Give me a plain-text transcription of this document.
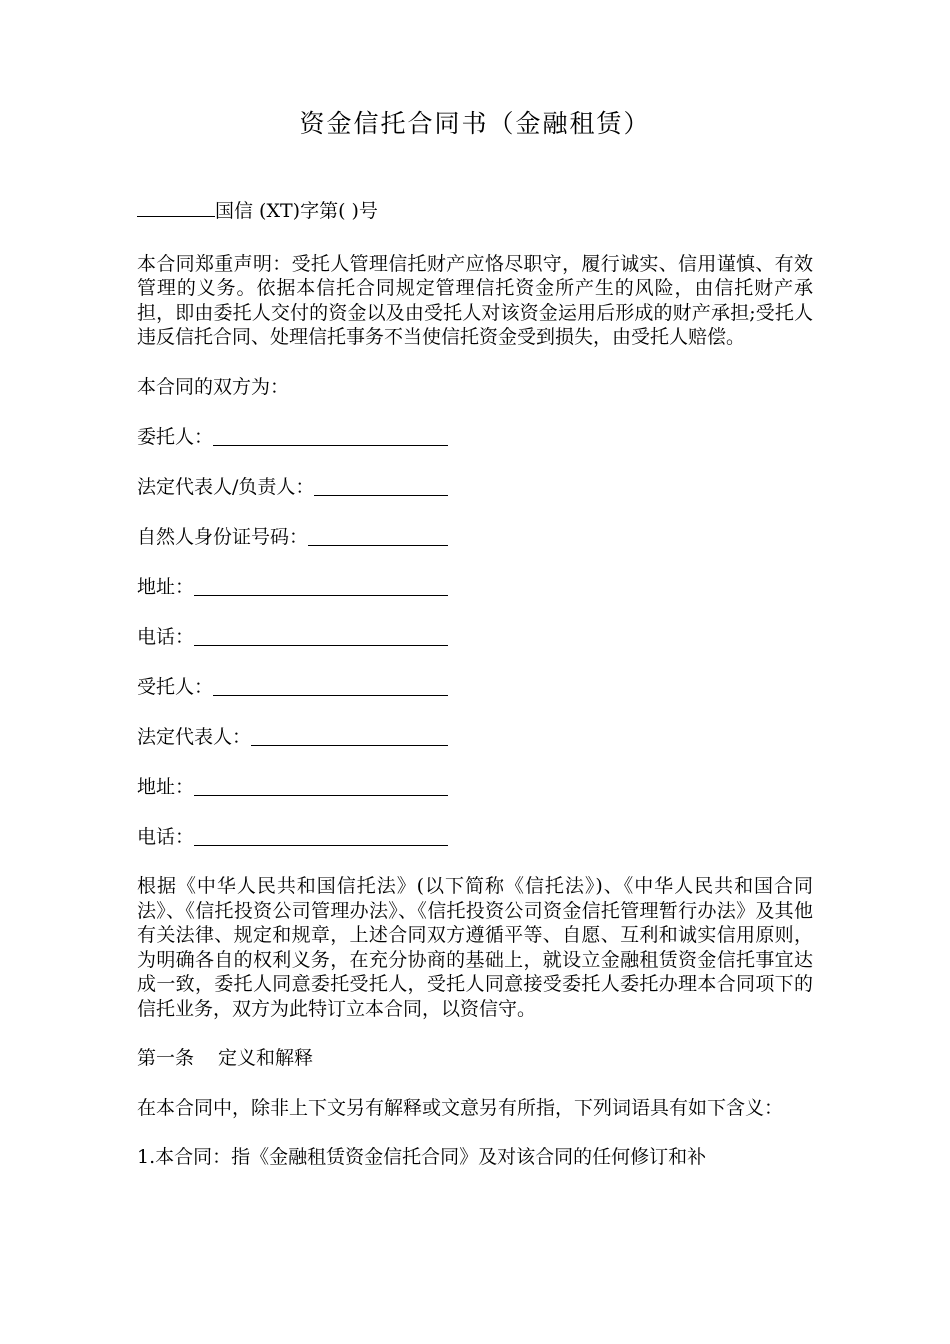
资金信托合同书（金融租赁）

国信 (XT)字第( )号

本合同郑重声明：受托人管理信托财产应恪尽职守，履行诚实、信用谨慎、有效管理的义务。依据本信托合同规定管理信托资金所产生的风险，由信托财产承担，即由委托人交付的资金以及由受托人对该资金运用后形成的财产承担;受托人违反信托合同、处理信托事务不当使信托资金受到损失，由受托人赔偿。

本合同的双方为：

委托人：
法定代表人/负责人：
自然人身份证号码：
地址：
电话：
受托人：
法定代表人：
地址：
电话：

根据《中华人民共和国信托法》(以下简称《信托法》)、《中华人民共和国合同法》、《信托投资公司管理办法》、《信托投资公司资金信托管理暂行办法》及其他有关法律、规定和规章，上述合同双方遵循平等、自愿、互利和诚实信用原则，为明确各自的权利义务，在充分协商的基础上，就设立金融租赁资金信托事宜达成一致，委托人同意委托受托人，受托人同意接受委托人委托办理本合同项下的信托业务，双方为此特订立本合同，以资信守。

第一条 定义和解释

在本合同中，除非上下文另有解释或文意另有所指，下列词语具有如下含义：

1.本合同：指《金融租赁资金信托合同》及对该合同的任何修订和补
